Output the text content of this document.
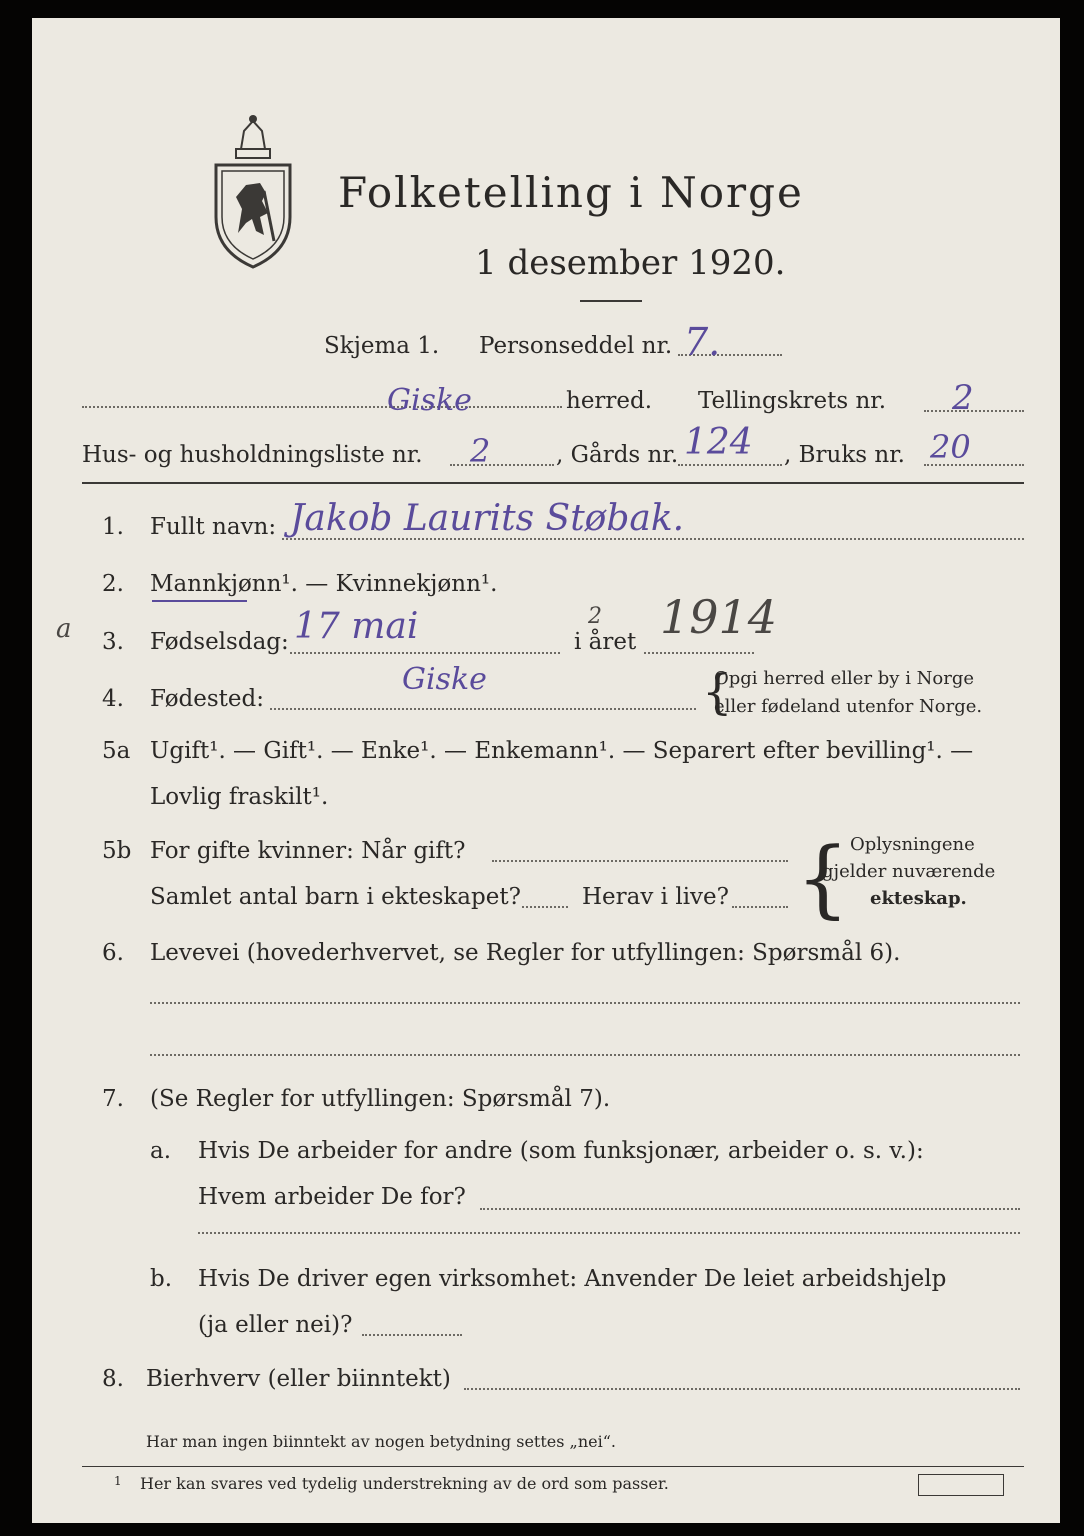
Folketelling i Norge
1 desember 1920.
Skjema 1. Personseddel nr. 7.
Giske	herred. Tellingskrets nr. 2
Hus- og husholdningsliste nr. 2	, Gårds nr. 124 , Bruks nr. 20
1. Fullt navn: Jakob Laurits Støbak.
2. Mannkjønn¹. — Kvinnekjønn¹.
a 3. Fødselsdag: 17 mai	i året
2 1914
4. Fødested:
Giske	{
Opgi herred eller by i Norge
eller fødeland utenfor Norge.
5a Ugift¹. — Gift¹. — Enke¹. — Enkemann¹. — Separert efter bevilling¹. —
Lovlig fraskilt¹.
5b For gifte kvinner: Når gift?
Samlet antal barn i ekteskapet?	Herav i live? { Oplysningene
gjelder nuværende
ekteskap.
6. Levevei (hovederhvervet, se Regler for utfyllingen: Spørsmål 6).
7. (Se Regler for utfyllingen: Spørsmål 7).
a. Hvis De arbeider for andre (som funksjonær, arbeider o. s. v.):
Hvem arbeider De for?
b. Hvis De driver egen virksomhet: Anvender De leiet arbeidshjelp
(ja eller nei)?
8. Bierhverv (eller biinntekt)
Har man ingen biinntekt av nogen betydning settes „nei“.
1 Her kan svares ved tydelig understrekning av de ord som passer.
